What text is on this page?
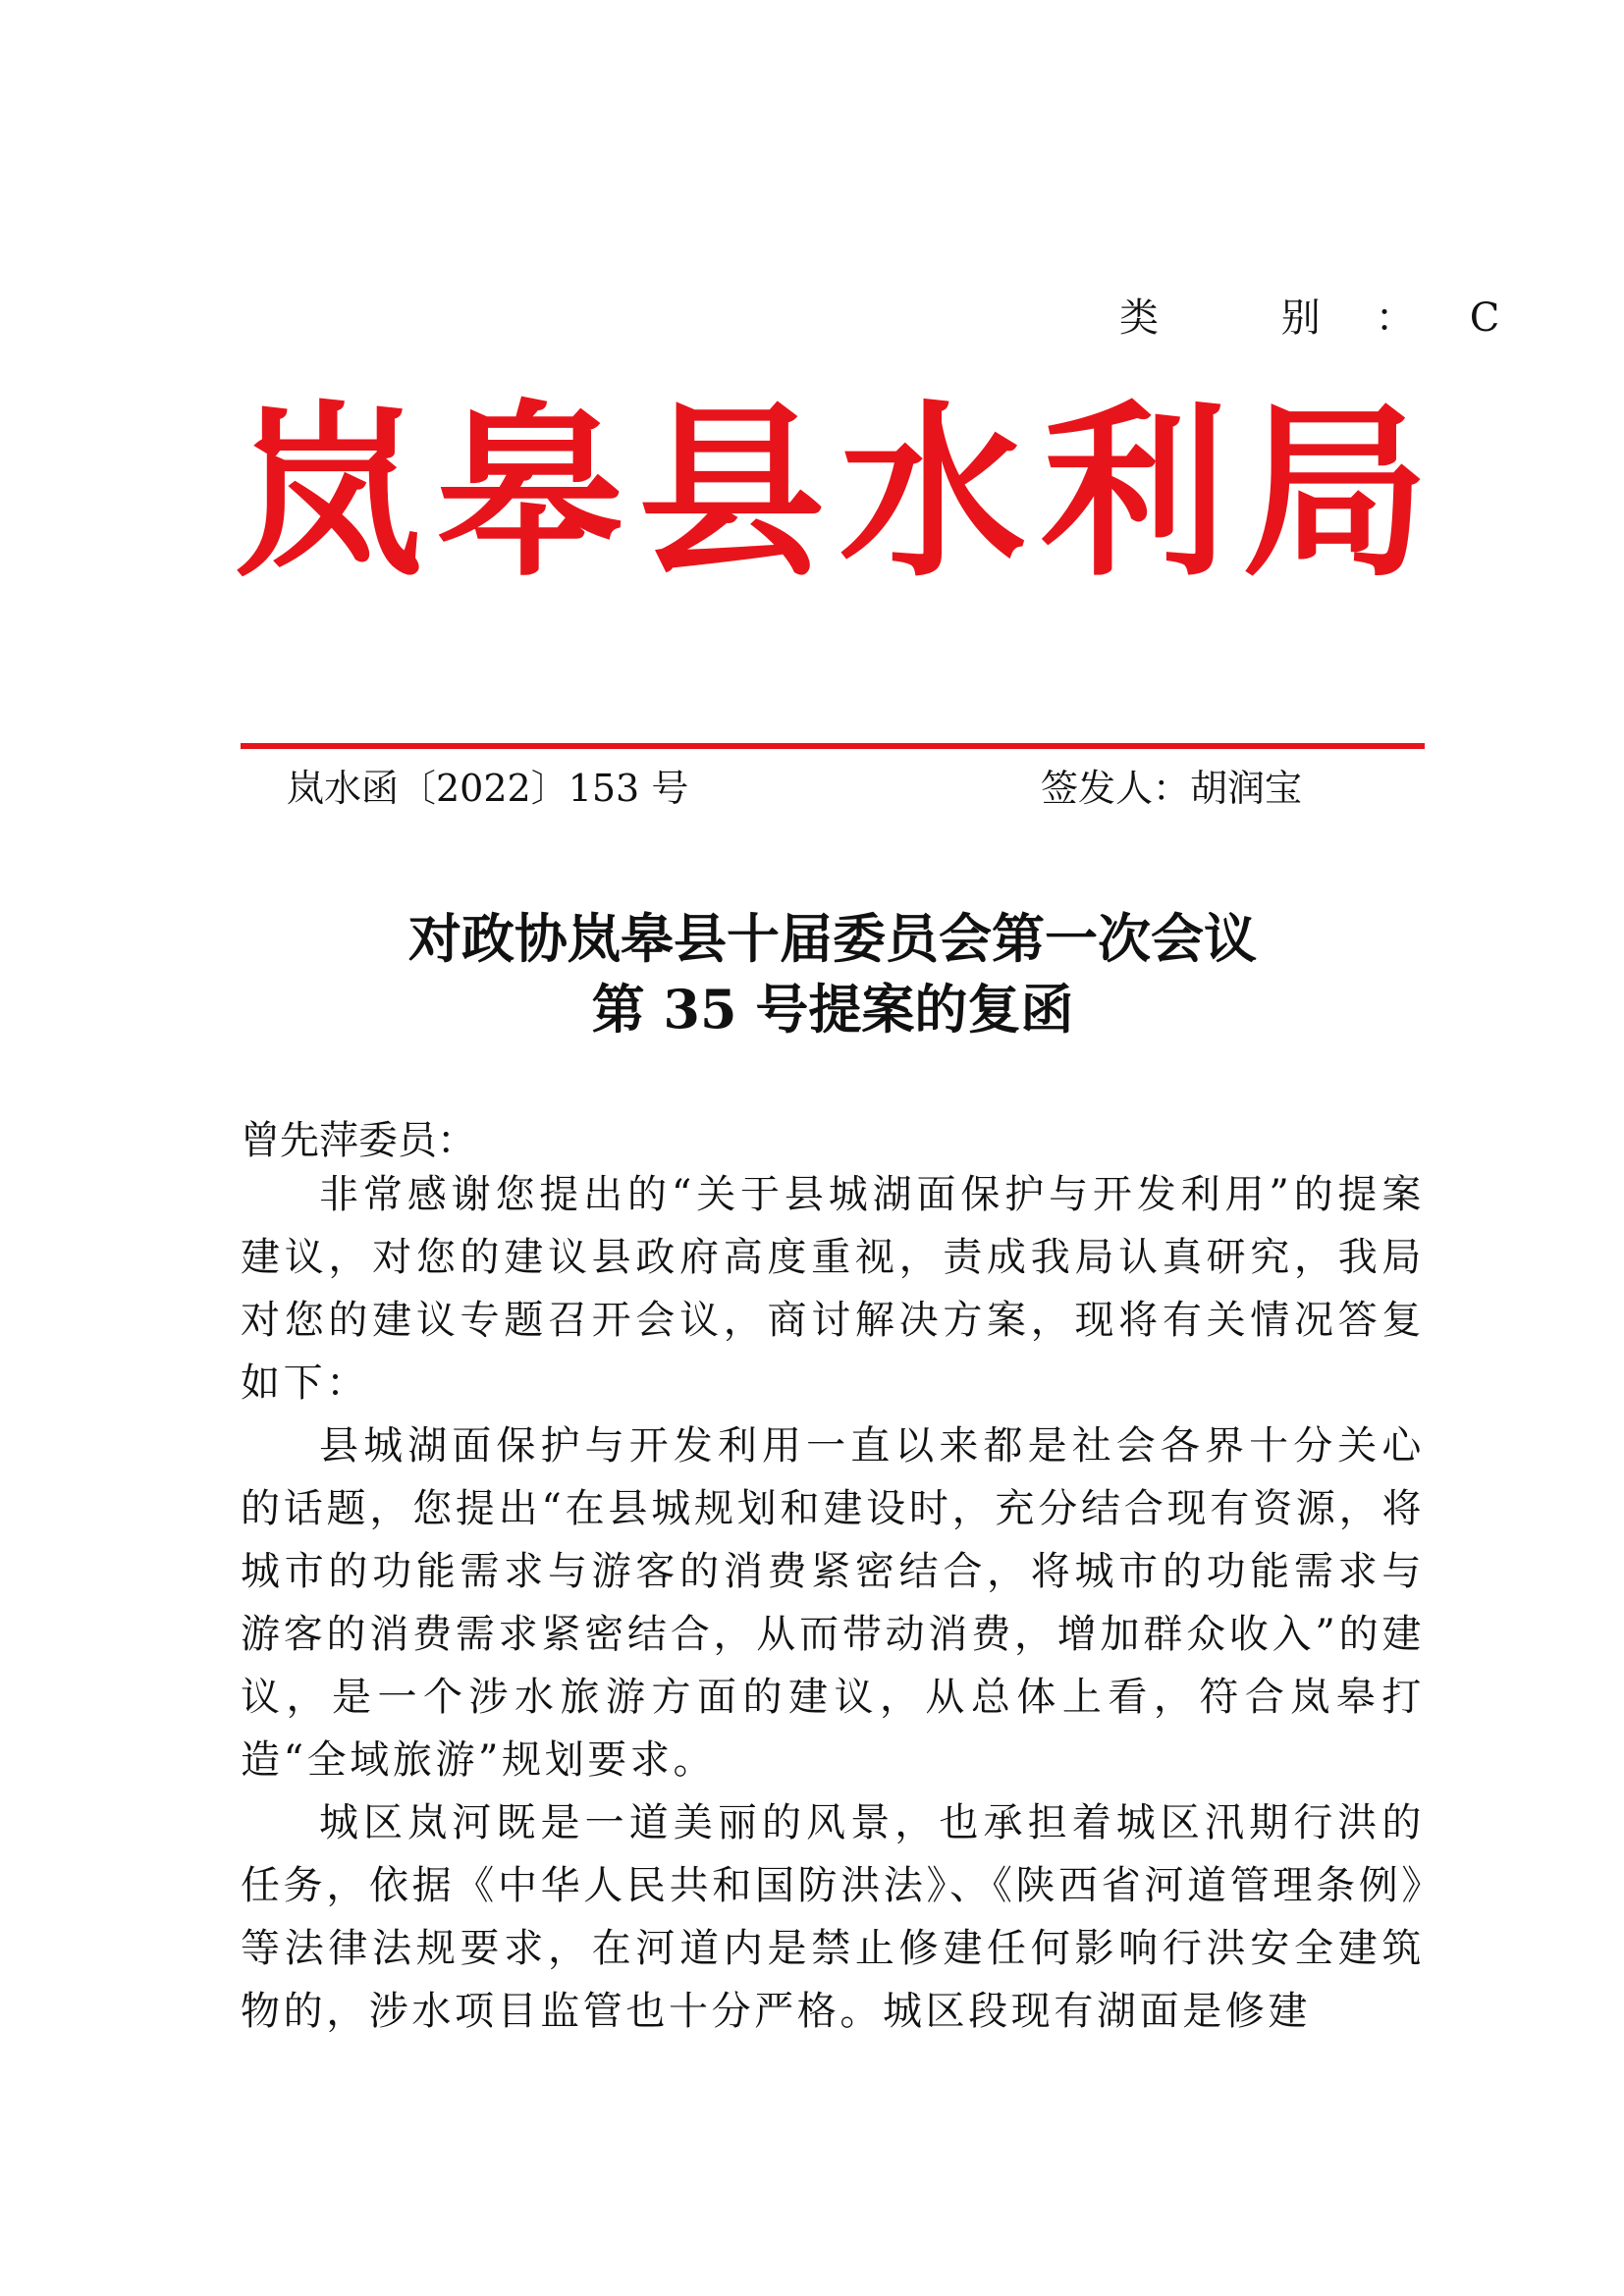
类 别：C
岚 皋 县 水 利 局
岚水函〔2022〕153 号	签发人：胡润宝
对政协岚皋县十届委员会第一次会议
第 35 号提案的复函
曾先萍委员：

非常感谢您提出的“关于县城湖面保护与开发利用”的提案建议，对您的建议县政府高度重视，责成我局认真研究，我局对您的建议专题召开会议，商讨解决方案，现将有关情况答复如下：

县城湖面保护与开发利用一直以来都是社会各界十分关心的话题，您提出“在县城规划和建设时，充分结合现有资源，将城市的功能需求与游客的消费紧密结合，将城市的功能需求与游客的消费需求紧密结合，从而带动消费，增加群众收入”的建议，是一个涉水旅游方面的建议，从总体上看，符合岚皋打造“全域旅游”规划要求。

城区岚河既是一道美丽的风景，也承担着城区汛期行洪的任务，依据《中华人民共和国防洪法》、《陕西省河道管理条例》等法律法规要求，在河道内是禁止修建任何影响行洪安全建筑物的，涉水项目监管也十分严格。城区段现有湖面是修建
